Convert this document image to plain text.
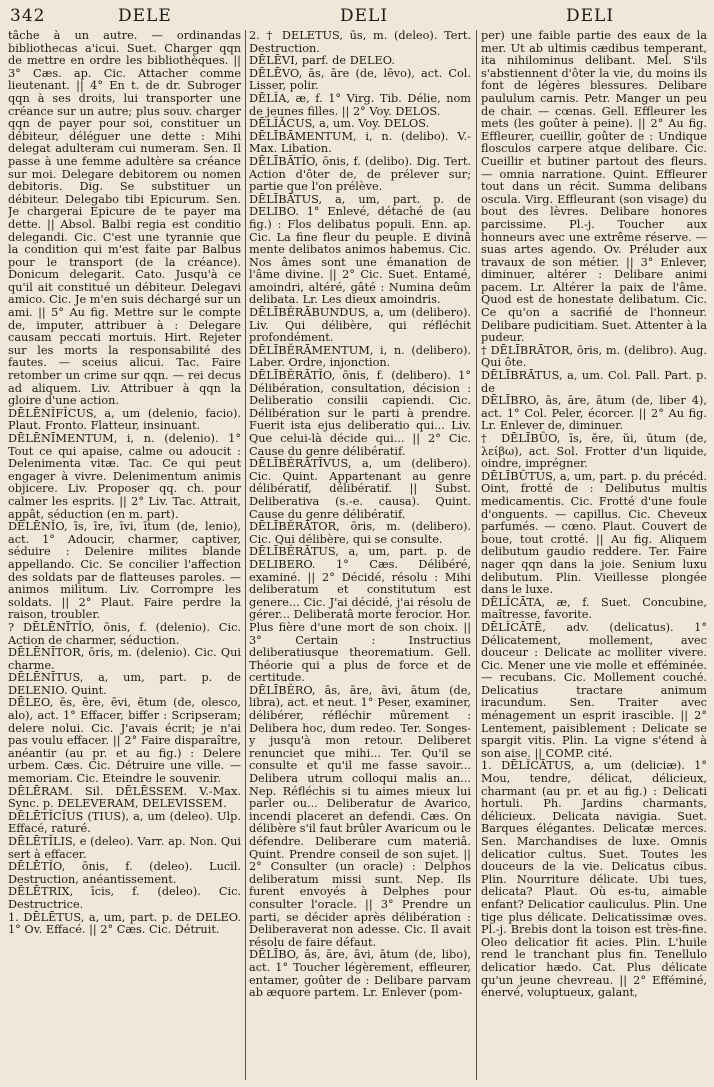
342	DELE	DELI	DELI

tâche à un autre. — ordinandas bibliothecas a'icui. Suet. Charger qqn de mettre en ordre les bibliothèques. || 3° Cæs. ap. Cic. Attacher comme lieutenant. || 4° En t. de dr. Subroger qqn à ses droits, lui transporter une créance sur un autre; plus souv. charger qqn de payer pour soi, constituer un débiteur, déléguer une dette : Mihi delegat adulteram cui numeram. Sen. Il passe à une femme adultère sa créance sur moi. Delegare debitorem ou nomen debitoris. Dig. Se substituer un débiteur. Delegabo tibi Epicurum. Sen. Je chargerai Epicure de te payer ma dette. || Absol. Balbi regia est conditio delegandi. Cic. C'est une tyrannie que la condition qui m'est faite par Balbus pour le transport (de la créance). Donicum delegarit. Cato. Jusqu'à ce qu'il ait constitué un débiteur. Delegavi amico. Cic. Je m'en suis déchargé sur un ami. || 5° Au fig. Mettre sur le compte de, imputer, attribuer à : Delegare causam peccati mortuis. Hirt. Rejeter sur les morts la responsabilité des fautes. — sceius alicui. Tac. Faire retomber un crime sur qqn. — rei decus ad aliquem. Liv. Attribuer à qqn la gloire d'une action.

DĒLĒNĬFĬCUS, a, um (delenio, facio). Plaut. Fronto. Flatteur, insinuant.

DĒLĒNĪMENTUM, i, n. (delenio). 1° Tout ce qui apaise, calme ou adoucit : Delenimenta vitæ. Tac. Ce qui peut engager à vivre. Delenimentum animis objicere. Liv. Proposer qq. ch. pour calmer les esprits. || 2° Liv. Tac. Attrait, appât, séduction (en m. part).

DĒLĒNĬO, īs, īre, īvi, ītum (de, lenio), act. 1° Adoucir, charmer, captiver, séduire : Delenire milites blande appellando. Cic. Se concilier l'affection des soldats par de flatteuses paroles. — animos militum. Liv. Corrompre les soldats. || 2° Plaut. Faire perdre la raison, troubler.

? DĒLĒNĪTĬO, ōnis, f. (delenio). Cic. Action de charmer, séduction.

DĒLĒNĪTOR, ōris, m. (delenio). Cic. Qui charme.

DĒLĒNĪTUS, a, um, part. p. de DELENIO. Quint.

DĒLEO, ēs, ēre, ēvi, ētum (de, olesco, alo), act. 1° Effacer, biffer : Scripseram; delere nolui. Cic. J'avais écrit; je n'ai pas voulu effacer. || 2° Faire disparaître, anéantir (au pr. et au fig.) : Delere urbem. Cæs. Cic. Détruire une ville. — memoriam. Cic. Eteindre le souvenir.

DĒLĒRAM. Sil. DĒLĒSSEM. V.-Max. Sync. p. DELEVERAM, DELEVISSEM.

DĒLĒTĬCĬUS (TIUS), a, um (deleo). Ulp. Effacé, raturé.

DĒLĒTĬLIS, e (deleo). Varr. ap. Non. Qui sert à effacer.

DĒLĒTĬO, ōnis, f. (deleo). Lucil. Destruction, anéantissement.

DĒLĒTRIX, īcis, f. (deleo). Cic. Destructrice.

1. DĒLĒTUS, a, um, part. p. de DELEO. 1° Ov. Effacé. || 2° Cæs. Cic. Détruit.

2. † DĒLĒTUS, ūs, m. (deleo). Tert. Destruction.

DĒLĒVI, parf. de DELEO.

DĒLĒVO, ās, āre (de, lēvo), act. Col. Lisser, polir.

DĒLĬA, æ, f. 1° Virg. Tib. Délie, nom de jeunes filles. || 2° Voy. DELOS.

DĒLĬĂCUS, a, um. Voy. DELOS.

DĒLĪBĀMENTUM, i, n. (delibo). V.-Max. Libation.

DĒLĪBĀTĬO, ōnis, f. (delibo). Dig. Tert. Action d'ôter de, de prélever sur; partie que l'on prélève.

DĒLĪBĀTUS, a, um, part. p. de DELIBO. 1° Enlevé, détaché de (au fig.) : Flos delibatus populi. Enn. ap. Cic. La fine fleur du peuple. E divinâ mente delibatos animos habemus. Cic. Nos âmes sont une émanation de l'âme divine. || 2° Cic. Suet. Entamé, amoindri, altéré, gâté : Numina deûm delibata. Lr. Les dieux amoindris.

DĒLĪBĔRĀBUNDUS, a, um (delibero). Liv. Qui délibère, qui réfléchit profondément.

DĒLĪBĔRĀMENTUM, i, n. (delibero). Laber. Ordre, injonction.

DĒLĪBĔRĀTĬO, ōnis, f. (delibero). 1° Délibération, consultation, décision : Deliberatio consilii capiendi. Cic. Délibération sur le parti à prendre. Fuerit ista ejus deliberatio qui... Liv. Que celui-là décide qui... || 2° Cic. Cause du genre délibératif.

DĒLĪBĔRĀTĪVUS, a, um (delibero). Cic. Quint. Appartenant au genre délibératif, délibératif. || Subst. Deliberativa (s.-e. causa). Quint. Cause du genre délibératif.

DĒLĪBĔRĀTOR, ōris, m. (delibero). Cic. Qui délibère, qui se consulte.

DĒLĪBĔRĀTUS, a, um, part. p. de DELIBERO. 1° Cæs. Délibéré, examiné. || 2° Décidé, résolu : Mihi deliberatum et constitutum est genere... Cic. J'ai décidé, j'ai résolu de gérer... Deliberatâ morte ferocior. Hor. Plus fière d'une mort de son choix. || 3° Certain : Instructius deliberatiusque theorematium. Gell. Théorie qui a plus de force et de certitude.

DĒLĪBĔRO, ās, āre, āvi, ātum (de, libra), act. et neut. 1° Peser, examiner, délibérer, réfléchir mûrement : Delibera hoc, dum redeo. Ter. Songes-y jusqu'à mon retour. Deliberet renunciet que mihi... Ter. Qu'il se consulte et qu'il me fasse savoir... Delibera utrum colloqui malis an... Nep. Réfléchis si tu aimes mieux lui parler ou... Deliberatur de Avarico, incendi placeret an defendi. Cæs. On délibère s'il faut brûler Avaricum ou le défendre. Deliberare cum materiâ. Quint. Prendre conseil de son sujet. || 2° Consulter (un oracle) : Delphos deliberatum missi sunt. Nep. Ils furent envoyés à Delphes pour consulter l'oracle. || 3° Prendre un parti, se décider après délibération : Deliberaverat non adesse. Cic. Il avait résolu de faire défaut.

DĒLĪBO, ās, āre, āvi, ātum (de, libo), act. 1° Toucher légèrement, effleurer, entamer, goûter de : Delibare parvam ab æquore partem. Lr. Enlever (pom-

per) une faible partie des eaux de la mer. Ut ab ultimis cædibus temperant, ita nihilominus delibant. Mel. S'ils s'abstiennent d'ôter la vie, du moins ils font de légères blessures. Delibare paululum carnis. Petr. Manger un peu de chair. — cœnas. Gell. Effleurer les mets (les goûter à peine). || 2° Au fig. Effleurer, cueillir, goûter de : Undique flosculos carpere atque delibare. Cic. Cueillir et butiner partout des fleurs. — omnia narratione. Quint. Effleurer tout dans un récit. Summa delibans oscula. Virg. Effleurant (son visage) du bout des lèvres. Delibare honores parcissime. Pl.-j. Toucher aux honneurs avec une extrême réserve. — suas artes agendo. Ov. Préluder aux travaux de son métier. || 3° Enlever, diminuer, altérer : Delibare animi pacem. Lr. Altérer la paix de l'âme. Quod est de honestate delibatum. Cic. Ce qu'on a sacrifié de l'honneur. Delibare pudicitiam. Suet. Attenter à la pudeur.

† DĒLĪBRĀTOR, ōris, m. (delibro). Aug. Qui ôte.

DĒLĪBRĀTUS, a, um. Col. Pall. Part. p. de

DĒLĪBRO, ās, āre, ātum (de, liber 4), act. 1° Col. Peler, écorcer. || 2° Au fig. Lr. Enlever de, diminuer.

† DĒLĪBŪO, īs, ĕre, ŭi, ūtum (de, λείβω), act. Sol. Frotter d'un liquide, oindre, imprégner.

DĒLĪBŪTUS, a, um, part. p. du précéd. Oint, frotté de : Delibutus multis medicamentis. Cic. Frotté d'une foule d'onguents. — capillus. Cic. Cheveux parfumés. — cœno. Plaut. Couvert de boue, tout crotté. || Au fig. Aliquem delibutum gaudio reddere. Ter. Faire nager qqn dans la joie. Senium luxu delibutum. Plin. Vieillesse plongée dans le luxe.

DĒLĬCĀTA, æ, f. Suet. Concubine, maîtresse, favorite.

DĒLĬCĀTĒ, adv. (delicatus). 1° Délicatement, mollement, avec douceur : Delicate ac molliter vivere. Cic. Mener une vie molle et efféminée. — recubans. Cic. Mollement couché. Delicatius tractare animum iracundum. Sen. Traiter avec ménagement un esprit irascible. || 2° Lentement, paisiblement : Delicate se spargit vitis. Plin. La vigne s'étend à son aise. || COMP. cité.

1. DĒLĬCĀTUS, a, um (deliciæ). 1° Mou, tendre, délicat, délicieux, charmant (au pr. et au fig.) : Delicati hortuli. Ph. Jardins charmants, délicieux. Delicata navigia. Suet. Barques élégantes. Delicatæ merces. Sen. Marchandises de luxe. Omnis delicatior cultus. Suet. Toutes les douceurs de la vie. Delicatus cibus. Plin. Nourriture délicate. Ubi tues, delicata? Plaut. Où es-tu, aimable enfant? Delicatior cauliculus. Plin. Une tige plus délicate. Delicatissimæ oves. Pl.-j. Brebis dont la toison est très-fine. Oleo delicatior fit acies. Plin. L'huile rend le tranchant plus fin. Tenellulo delicatior hædo. Cat. Plus délicate qu'un jeune chevreau. || 2° Efféminé, énervé, voluptueux, galant,
